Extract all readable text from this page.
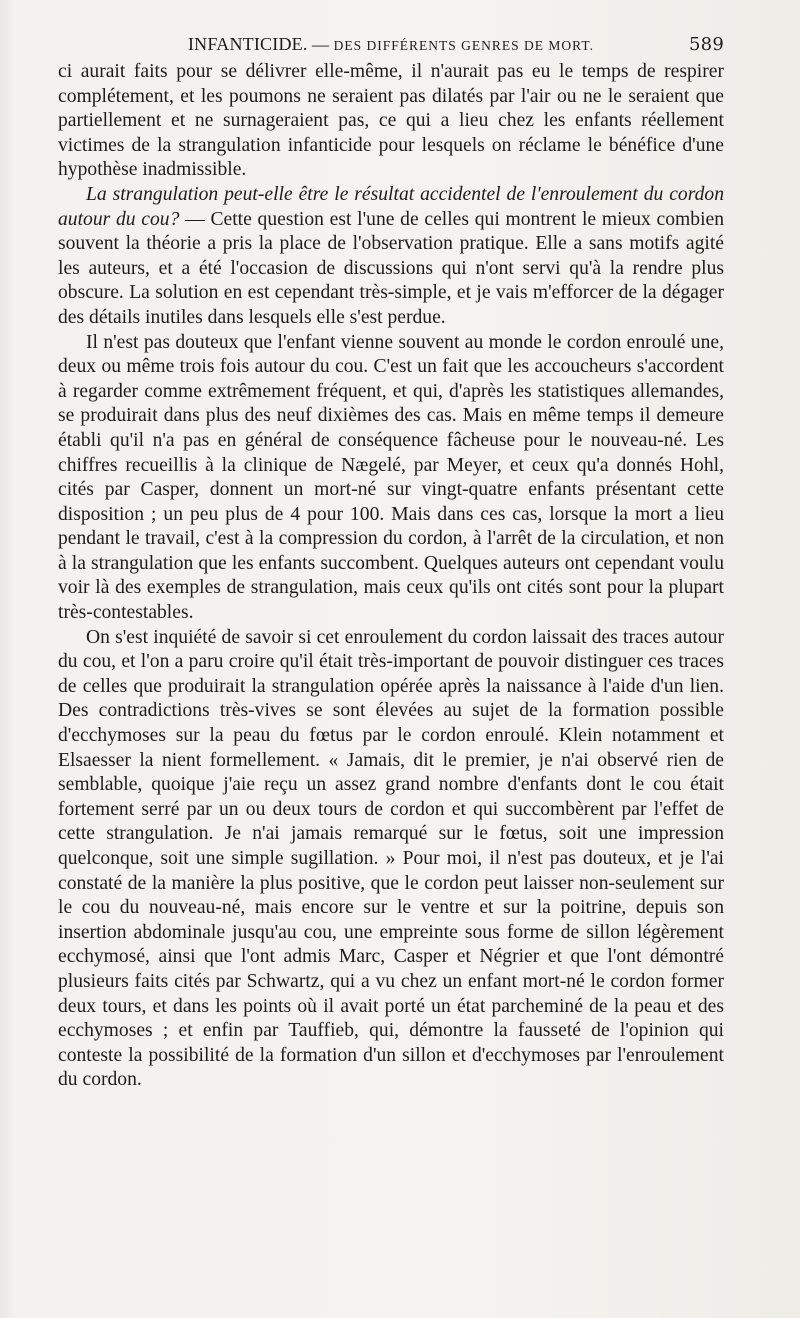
INFANTICIDE. — DES DIFFÉRENTS GENRES DE MORT.	589

ci aurait faits pour se délivrer elle-même, il n'aurait pas eu le temps de respirer complétement, et les poumons ne seraient pas dilatés par l'air ou ne le seraient que partiellement et ne surnageraient pas, ce qui a lieu chez les enfants réellement victimes de la strangulation infanticide pour lesquels on réclame le bénéfice d'une hypothèse inadmissible.

La strangulation peut-elle être le résultat accidentel de l'enroulement du cordon autour du cou? — Cette question est l'une de celles qui montrent le mieux combien souvent la théorie a pris la place de l'observation pratique. Elle a sans motifs agité les auteurs, et a été l'occasion de discussions qui n'ont servi qu'à la rendre plus obscure. La solution en est cependant très-simple, et je vais m'efforcer de la dégager des détails inutiles dans lesquels elle s'est perdue.

Il n'est pas douteux que l'enfant vienne souvent au monde le cordon enroulé une, deux ou même trois fois autour du cou. C'est un fait que les accoucheurs s'accordent à regarder comme extrêmement fréquent, et qui, d'après les statistiques allemandes, se produirait dans plus des neuf dixièmes des cas. Mais en même temps il demeure établi qu'il n'a pas en général de conséquence fâcheuse pour le nouveau-né. Les chiffres recueillis à la clinique de Nægelé, par Meyer, et ceux qu'a donnés Hohl, cités par Casper, donnent un mort-né sur vingt-quatre enfants présentant cette disposition ; un peu plus de 4 pour 100. Mais dans ces cas, lorsque la mort a lieu pendant le travail, c'est à la compression du cordon, à l'arrêt de la circulation, et non à la strangulation que les enfants succombent. Quelques auteurs ont cependant voulu voir là des exemples de strangulation, mais ceux qu'ils ont cités sont pour la plupart très-contestables.

On s'est inquiété de savoir si cet enroulement du cordon laissait des traces autour du cou, et l'on a paru croire qu'il était très-important de pouvoir distinguer ces traces de celles que produirait la strangulation opérée après la naissance à l'aide d'un lien. Des contradictions très-vives se sont élevées au sujet de la formation possible d'ecchymoses sur la peau du fœtus par le cordon enroulé. Klein notamment et Elsaesser la nient formellement. « Jamais, dit le premier, je n'ai observé rien de semblable, quoique j'aie reçu un assez grand nombre d'enfants dont le cou était fortement serré par un ou deux tours de cordon et qui succombèrent par l'effet de cette strangulation. Je n'ai jamais remarqué sur le fœtus, soit une impression quelconque, soit une simple sugillation. » Pour moi, il n'est pas douteux, et je l'ai constaté de la manière la plus positive, que le cordon peut laisser non-seulement sur le cou du nouveau-né, mais encore sur le ventre et sur la poitrine, depuis son insertion abdominale jusqu'au cou, une empreinte sous forme de sillon légèrement ecchymosé, ainsi que l'ont admis Marc, Casper et Négrier et que l'ont démontré plusieurs faits cités par Schwartz, qui a vu chez un enfant mort-né le cordon former deux tours, et dans les points où il avait porté un état parcheminé de la peau et des ecchymoses ; et enfin par Tauffieb, qui, démontre la fausseté de l'opinion qui conteste la possibilité de la formation d'un sillon et d'ecchymoses par l'enroulement du cordon.
